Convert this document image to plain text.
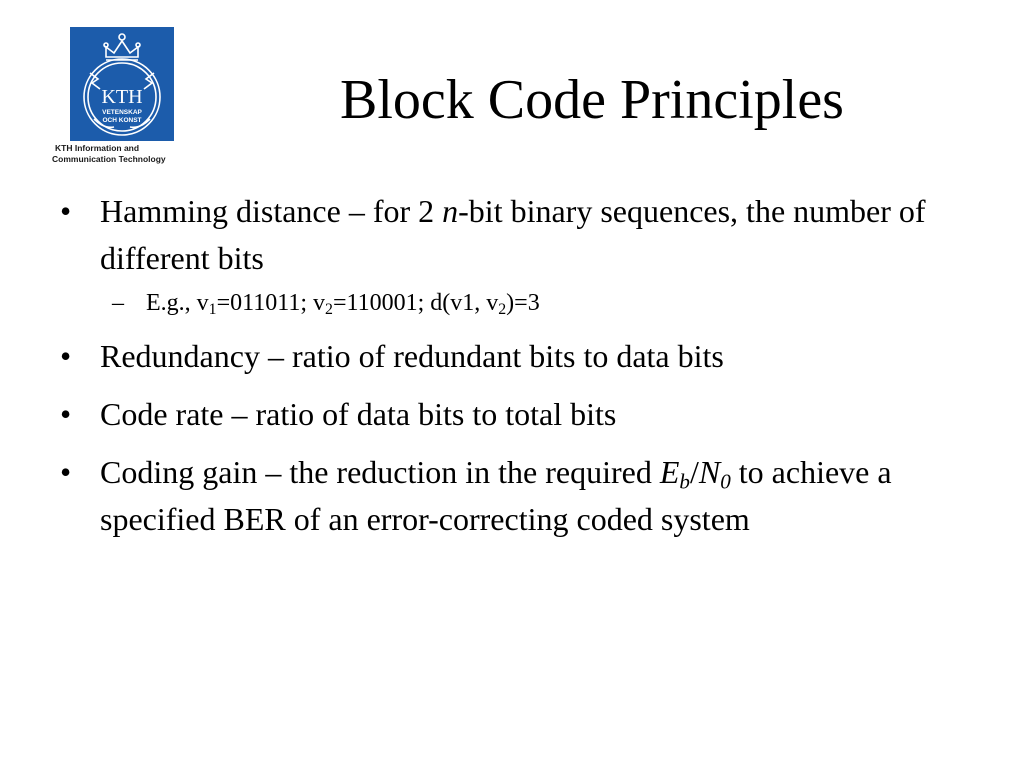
KTH
VETENSKAP
OCH KONST
KTH Information and
Communication Technology
Block Code Principles
• Hamming distance – for 2 n-bit binary sequences, the number of different bits
– E.g., $v_1=011011$; $v_2=110001$; d(v1, $v_2)=3$
• Redundancy – ratio of redundant bits to data bits
• Code rate – ratio of data bits to total bits
• Coding gain – the reduction in the required $E_b/N_0$ to achieve a specified BER of an error-correcting coded system
